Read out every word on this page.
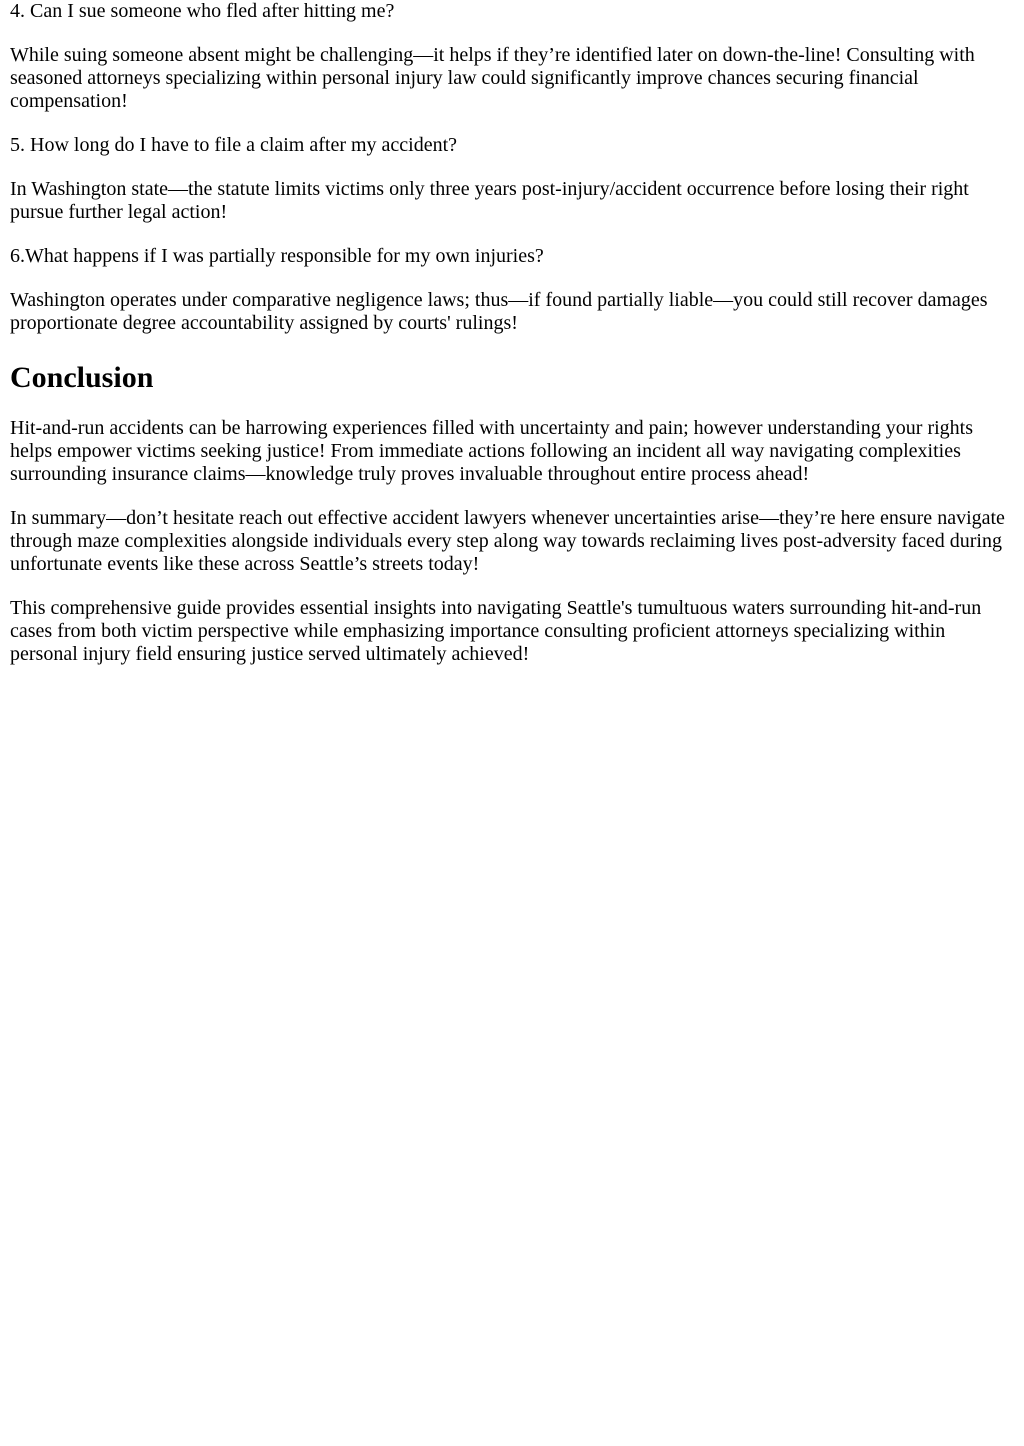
4. Can I sue someone who fled after hitting me?

While suing someone absent might be challenging—it helps if they’re identified later on down-the-line! Consulting with seasoned attorneys specializing within personal injury law could significantly improve chances securing financial compensation!

5. How long do I have to file a claim after my accident?

In Washington state—the statute limits victims only three years post-injury/accident occurrence before losing their right pursue further legal action!

6.What happens if I was partially responsible for my own injuries?

Washington operates under comparative negligence laws; thus—if found partially liable—you could still recover damages proportionate degree accountability assigned by courts' rulings!

Conclusion

Hit-and-run accidents can be harrowing experiences filled with uncertainty and pain; however understanding your rights helps empower victims seeking justice! From immediate actions following an incident all way navigating complexities surrounding insurance claims—knowledge truly proves invaluable throughout entire process ahead!

In summary—don’t hesitate reach out effective accident lawyers whenever uncertainties arise—they’re here ensure navigate through maze complexities alongside individuals every step along way towards reclaiming lives post-adversity faced during unfortunate events like these across Seattle’s streets today!

This comprehensive guide provides essential insights into navigating Seattle's tumultuous waters surrounding hit-and-run cases from both victim perspective while emphasizing importance consulting proficient attorneys specializing within personal injury field ensuring justice served ultimately achieved!
